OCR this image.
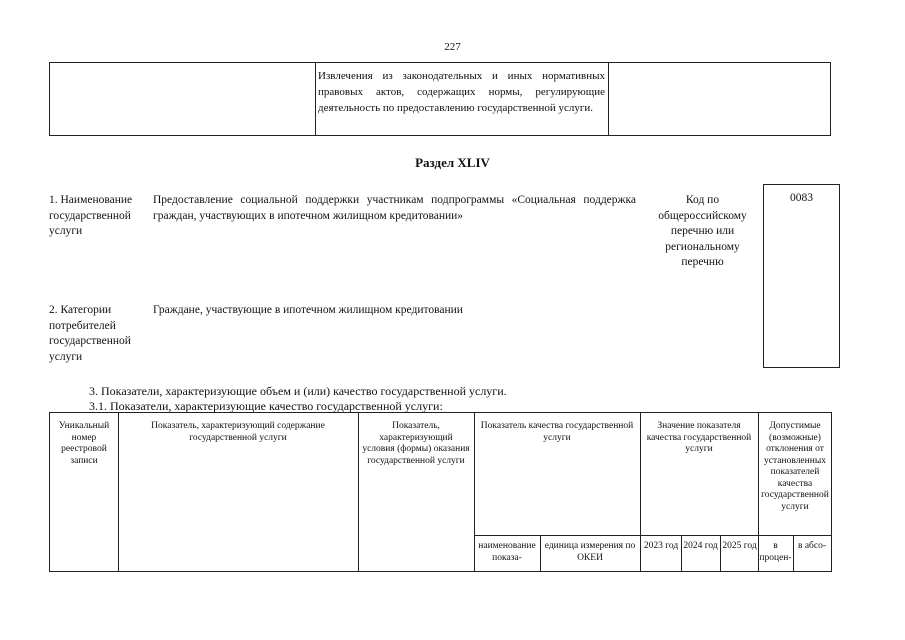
227
Извлечения из законодательных и иных нормативных правовых актов, содержащих нормы, регулирующие деятельность по предоставлению государственной услуги.
Раздел XLIV
1. Наименование государственной услуги
Предоставление социальной поддержки участникам подпрограммы «Социальная поддержка граждан, участвующих в ипотечном жилищном кредитовании»
Код по общероссийскому перечню или региональному перечню
0083
2. Категории потребителей государственной услуги
Граждане, участвующие в ипотечном жилищном кредитовании
3. Показатели, характеризующие объем и (или) качество государственной услуги.
3.1. Показатели, характеризующие качество государственной услуги:
Уникальный номер реестровой записи
Показатель, характеризующий содержание государственной услуги
Показатель, характеризующий условия (формы) оказания государственной услуги
Показатель качества государственной услуги
Значение показателя качества государственной услуги
Допустимые (возможные) отклонения от установленных показателей качества государственной услуги
наименование показа-
единица измерения по ОКЕИ
2023 год 2024 год 2025 год	в процен-
в абсо-
